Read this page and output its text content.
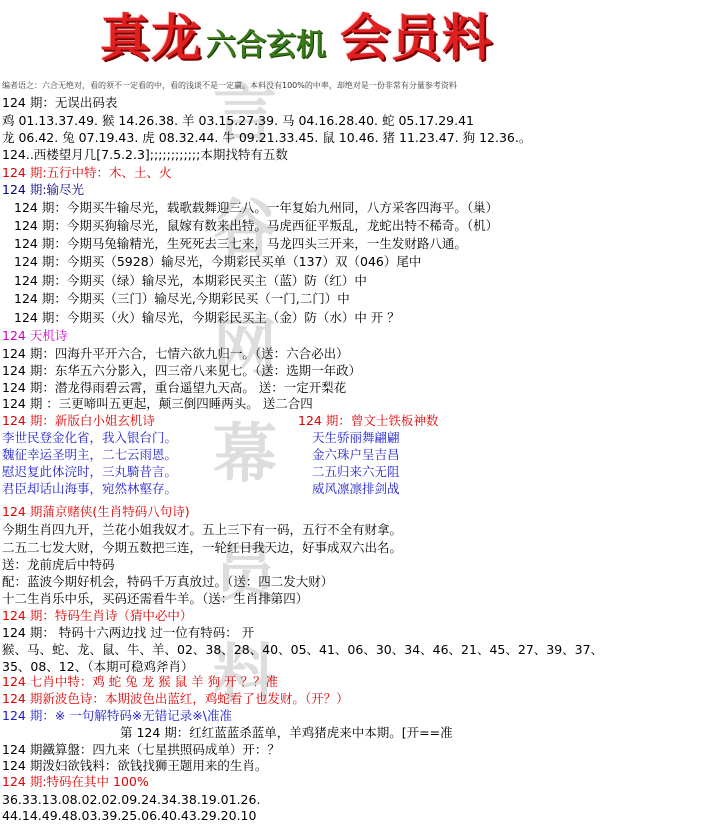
真龙 六合玄机 会员料
编者语之：六合无绝对，看的须不一定看的中，看的浅谈不是一定赢。本料没有100%的中率，却绝对是一份非常有分量参考资料
言
谷
网
幕
员
料
124 期：无误出码表
鸡 01.13.37.49. 猴 14.26.38. 羊 03.15.27.39. 马 04.16.28.40. 蛇 05.17.29.41
龙 06.42. 兔 07.19.43. 虎 08.32.44. 牛 09.21.33.45. 鼠 10.46. 猪 11.23.47. 狗 12.36.。
124..西楼望月几[7.5.2.3];;;;;;;;;;;;本期找特有五数
124 期:五行中特：木、土、火
124 期:输尽光
124 期：今期买牛输尽光，载歌载舞迎三八。一年复始九州同，八方采客四海平。（巢）
124 期：今期买狗输尽光，鼠嫁有数来出特。马虎西征平叛乱，龙蛇出特不稀奇。（机）
124 期：今期马兔输精光，生死死去三七来，马龙四头三开来，一生发财路八通。
124 期：今期买（5928）输尽光，今期彩民买单（137）双（046）尾中
124 期：今期买（绿）输尽光，本期彩民买主（蓝）防（红）中
124 期：今期买（三门）输尽光,今期彩民买（一门,二门）中
124 期：今期买（火）输尽光，今期彩民买主（金）防（水）中 开 ？
124 天机诗
124 期：四海升平开六合，七情六欲九归一。（送：六合必出）
124 期：东华五六分影入，四三帝八来见七。（送：选期一年政）
124 期：潜龙得雨碧云霄，重台遥望九天高。 送：一定开梨花
124 期 ：三更啼叫五更起，颠三倒四睡两头。 送二合四
124 期：新版白小姐玄机诗	124 期：曾文士铁板神数
李世民登金化省，我入银台门。
魏征幸运圣明主，二七云雨恩。
慰迟复此体浣时，三丸騎昔言。
君臣却话山海事，宛然林壑存。
天生骄丽舞翩翩
金六珠户呈吉昌
二五归来六无阻
威风凛凛排剑战
124 期蒲京赌侠(生肖特码八句诗)
今期生肖四九开，兰花小姐我奴才。五上三下有一码，五行不全有财拿。
二五二七发大财，今期五数把三连，一轮红日我天边，好事成双六出名。
送：龙前虎后中特码
配：蓝波今期好机会，特码千万真放过。（送：四二发大财）
十二生肖乐中乐，买码还需看牛羊。（送：生肖排第四）
124 期：特码生肖诗（猜中必中）
124 期： 特码十六两边找 过一位有特码： 开
猴、马、蛇、龙、鼠、牛、羊、02、38、28、40、05、41、06、30、34、46、21、45、27、39、37、
35、08、12、（本期可稳鸡斧肖）
124 七肖中特：鸡 蛇 兔 龙 猴 鼠 羊 狗 开 ？？准
124 期新波色诗：本期波色出蓝红，鸡蛇看了也发财。（开？）
124 期：※ 一句解特码※无错记录※\准准
第 124 期：红红蓝蓝杀蓝单，羊鸡猪虎来中本期。[开==准
124 期鐵算盤：四九来（七星拱照码成单）开：？
124 期泼妇欲钱料：欲钱找狮王题用来的生肖。
124 期:特码在其中 100%
36.33.13.08.02.02.09.24.34.38.19.01.26.
44.14.49.48.03.39.25.06.40.43.29.20.10
